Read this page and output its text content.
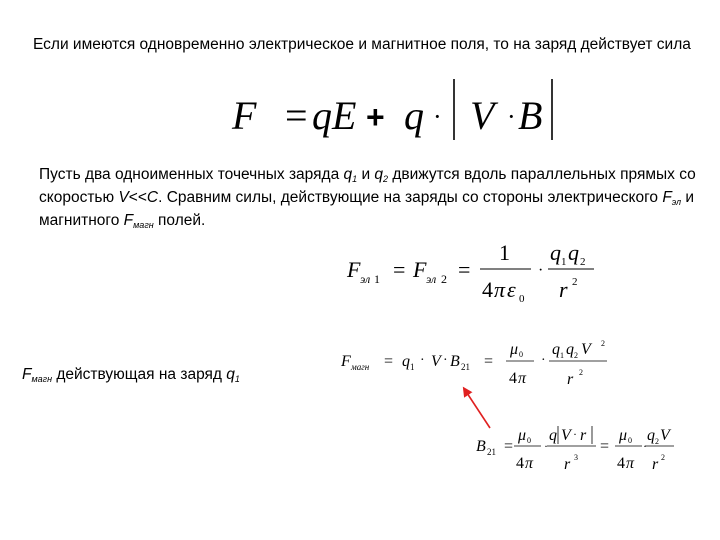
Если имеются одновременно электрическое и магнитное поля, то на заряд действует сила
F = qE + q · V · B
Пусть два одноименных точечных заряда $q_1$ и $q_2$ движутся вдоль параллельных прямых со скоростью V<<C. Сравним силы, действующие на заряды со стороны электрического $F_{эл}$ и магнитного $F_{магн}$ полей.
F эл 1 = F эл 2 =
1
4 π ε 0
·
q 1 q 2
r 2
$F_{магн}$ действующая на заряд $q_1$
F магн = q 1 · V · B 21 =
μ 0
4 π
·
q 1 q 2 V 2
r 2
B 21 =
μ 0
4 π
·
q V · r
r 3
=
μ 0
4 π
·
q 2 V
r 2
